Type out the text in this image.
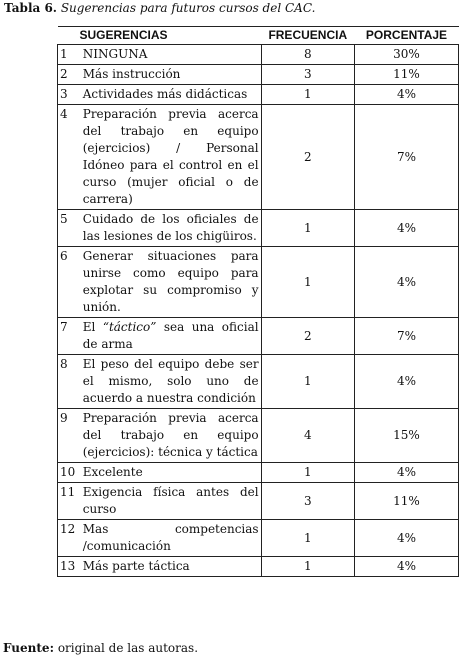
Tabla 6. Sugerencias para futuros cursos del CAC.
SUGERENCIAS		FRECUENCIA	PORCENTAJE
1	NINGUNA	8	30%
2	Más instrucción	3	11%
3	Actividades más didácticas	1	4%
4	Preparación previa acerca del trabajo en equipo (ejercicios) / Personal Idóneo para el control en el curso (mujer oficial o de carrera)	2	7%
5	Cuidado de los oficiales de las lesiones de los chigüiros.	1	4%
6	Generar situaciones para unirse como equipo para explotar su compromiso y unión.	1	4%
7	El “táctico” sea una oficial de arma	2	7%
8	El peso del equipo debe ser el mismo, solo uno de acuerdo a nuestra condición	1	4%
9	Preparación previa acerca del trabajo en equipo (ejercicios): técnica y táctica	4	15%
10	Excelente	1	4%
11	Exigencia física antes del curso	3	11%
12	Mas competencias /comunicación	1	4%
13	Más parte táctica	1	4%
Fuente: original de las autoras.
